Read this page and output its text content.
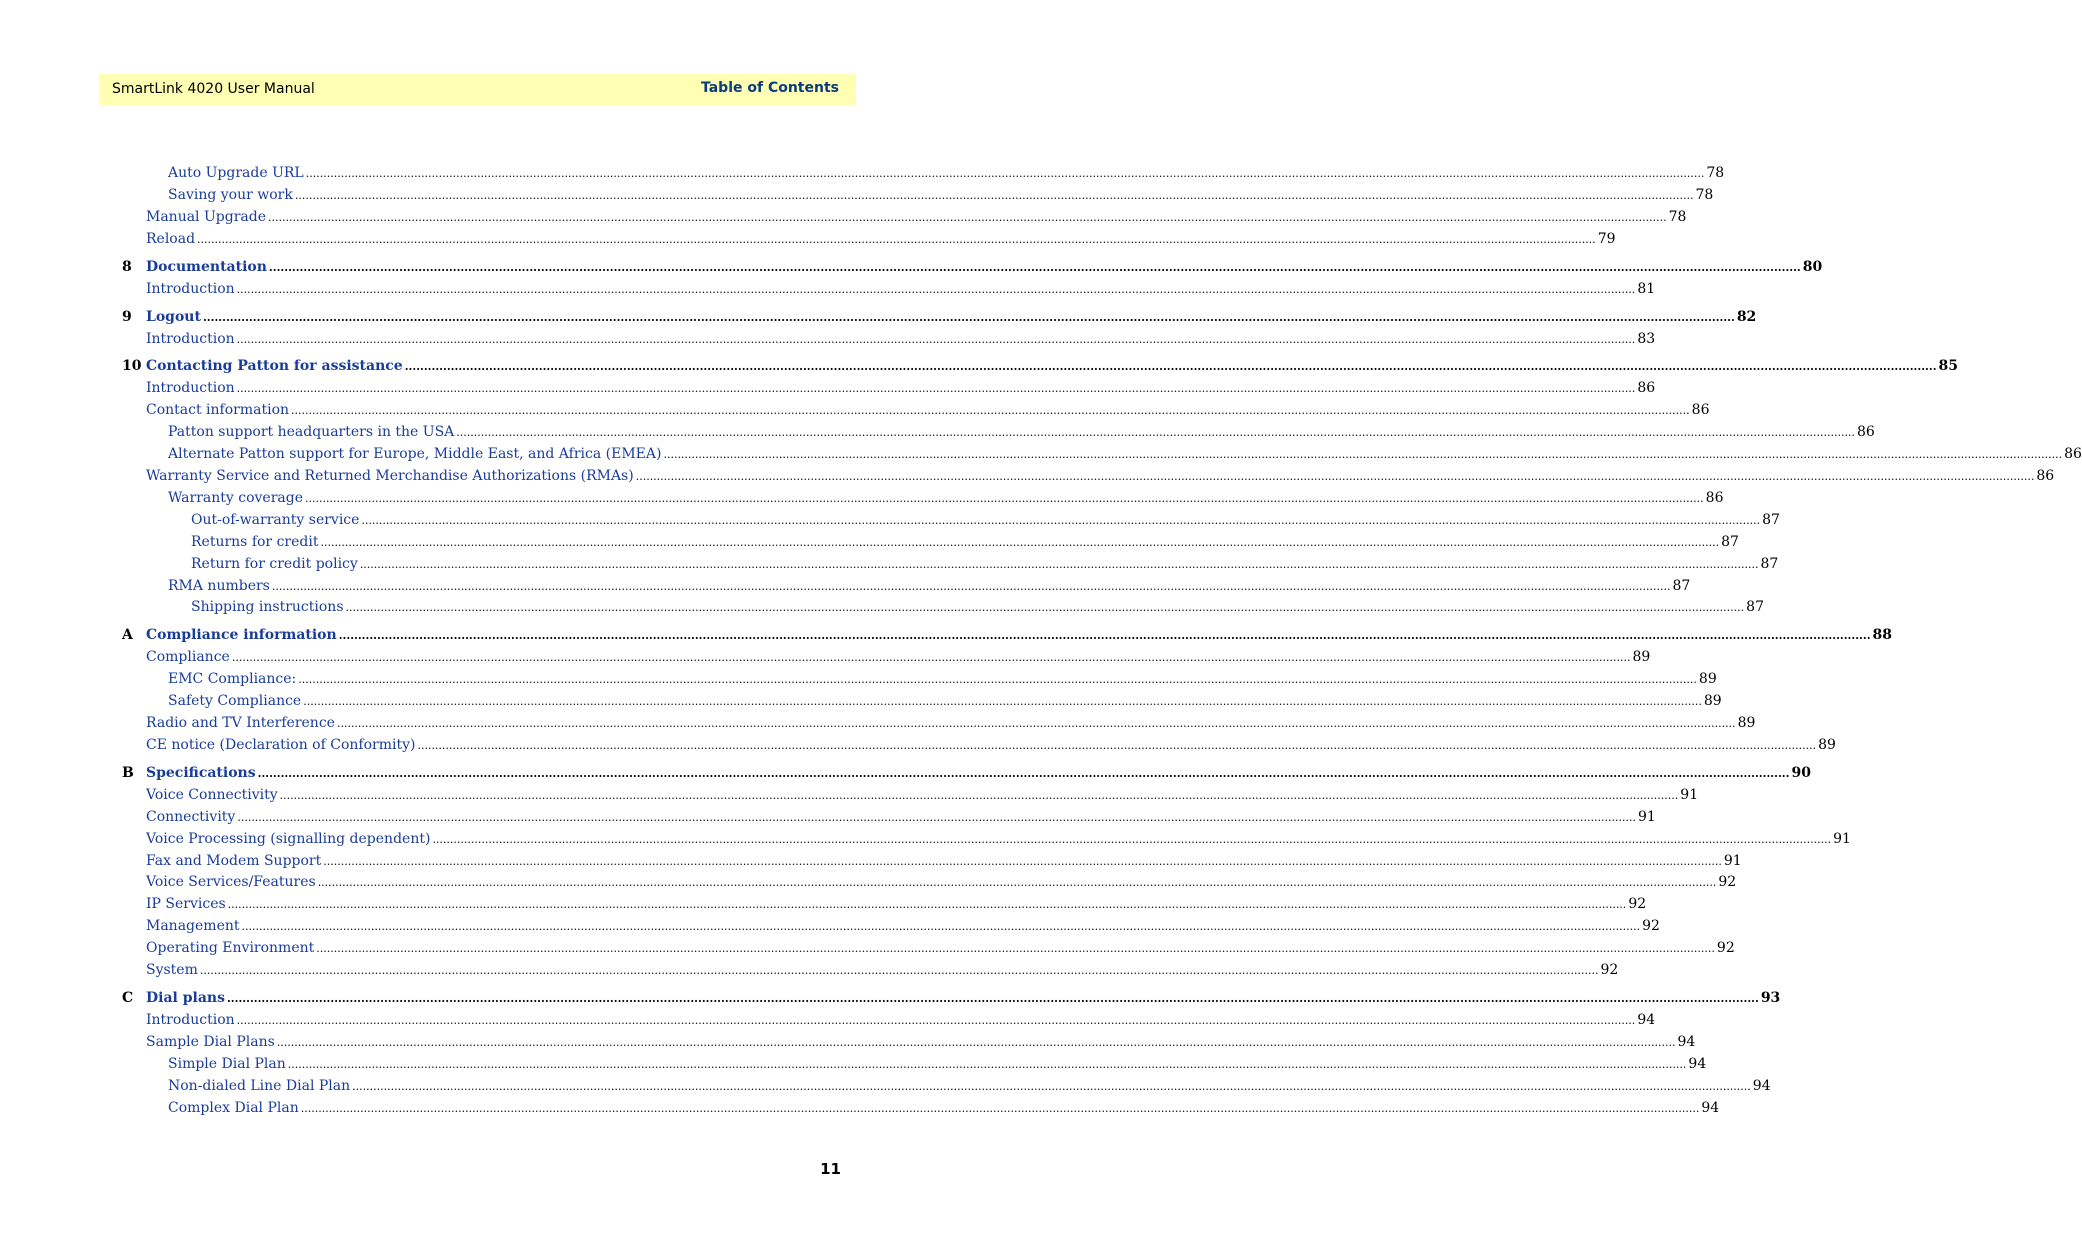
SmartLink 4020 User Manual	Table of Contents
Auto Upgrade URL ................................................................................................................................................................................................................................................................................................................................................................................................................ 78
Saving your work ................................................................................................................................................................................................................................................................................................................................................................................................................ 78
Manual Upgrade ................................................................................................................................................................................................................................................................................................................................................................................................................ 78
Reload ................................................................................................................................................................................................................................................................................................................................................................................................................ 79
8	Documentation ................................................................................................................................................................................................................................................................................................................................................................................................................ 80
Introduction ................................................................................................................................................................................................................................................................................................................................................................................................................ 81
9	Logout ................................................................................................................................................................................................................................................................................................................................................................................................................ 82
Introduction ................................................................................................................................................................................................................................................................................................................................................................................................................ 83
10 Contacting Patton for assistance ................................................................................................................................................................................................................................................................................................................................................................................................................ 85
Introduction ................................................................................................................................................................................................................................................................................................................................................................................................................ 86
Contact information ................................................................................................................................................................................................................................................................................................................................................................................................................ 86
Patton support headquarters in the USA ................................................................................................................................................................................................................................................................................................................................................................................................................ 86
Alternate Patton support for Europe, Middle East, and Africa (EMEA) ................................................................................................................................................................................................................................................................................................................................................................................................................ 86
Warranty Service and Returned Merchandise Authorizations (RMAs) ................................................................................................................................................................................................................................................................................................................................................................................................................ 86
Warranty coverage ................................................................................................................................................................................................................................................................................................................................................................................................................ 86
Out-of-warranty service ................................................................................................................................................................................................................................................................................................................................................................................................................ 87
Returns for credit ................................................................................................................................................................................................................................................................................................................................................................................................................ 87
Return for credit policy ................................................................................................................................................................................................................................................................................................................................................................................................................ 87
RMA numbers ................................................................................................................................................................................................................................................................................................................................................................................................................ 87
Shipping instructions ................................................................................................................................................................................................................................................................................................................................................................................................................ 87
A Compliance information ................................................................................................................................................................................................................................................................................................................................................................................................................ 88
Compliance ................................................................................................................................................................................................................................................................................................................................................................................................................ 89
EMC Compliance: ................................................................................................................................................................................................................................................................................................................................................................................................................ 89
Safety Compliance ................................................................................................................................................................................................................................................................................................................................................................................................................ 89
Radio and TV Interference ................................................................................................................................................................................................................................................................................................................................................................................................................ 89
CE notice (Declaration of Conformity) ................................................................................................................................................................................................................................................................................................................................................................................................................ 89
B Specifications ................................................................................................................................................................................................................................................................................................................................................................................................................ 90
Voice Connectivity ................................................................................................................................................................................................................................................................................................................................................................................................................ 91
Connectivity ................................................................................................................................................................................................................................................................................................................................................................................................................ 91
Voice Processing (signalling dependent) ................................................................................................................................................................................................................................................................................................................................................................................................................ 91
Fax and Modem Support ................................................................................................................................................................................................................................................................................................................................................................................................................ 91
Voice Services/Features ................................................................................................................................................................................................................................................................................................................................................................................................................ 92
IP Services ................................................................................................................................................................................................................................................................................................................................................................................................................ 92
Management ................................................................................................................................................................................................................................................................................................................................................................................................................ 92
Operating Environment ................................................................................................................................................................................................................................................................................................................................................................................................................ 92
System ................................................................................................................................................................................................................................................................................................................................................................................................................ 92
C Dial plans ................................................................................................................................................................................................................................................................................................................................................................................................................ 93
Introduction ................................................................................................................................................................................................................................................................................................................................................................................................................ 94
Sample Dial Plans ................................................................................................................................................................................................................................................................................................................................................................................................................ 94
Simple Dial Plan ................................................................................................................................................................................................................................................................................................................................................................................................................ 94
Non-dialed Line Dial Plan ................................................................................................................................................................................................................................................................................................................................................................................................................ 94
Complex Dial Plan ................................................................................................................................................................................................................................................................................................................................................................................................................ 94
11
